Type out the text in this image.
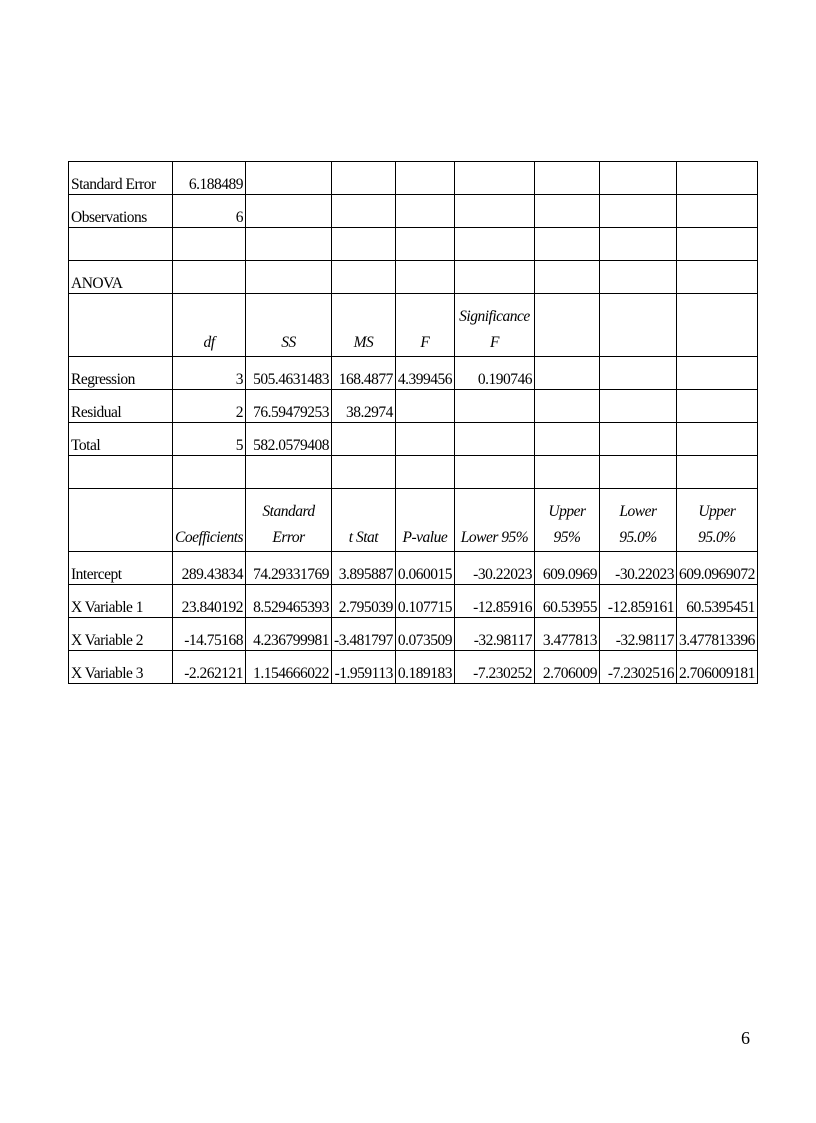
Standard Error	6.188489							
Observations	6							

ANOVA								
	df	SS	MS	F	Significance F			
Regression	3	505.4631483	168.4877	4.399456	0.190746			
Residual	2	76.59479253	38.2974					
Total	5	582.0579408						

	Coefficients	Standard Error	t Stat	P-value	Lower 95%	Upper 95%	Lower 95.0%	Upper 95.0%
Intercept	289.43834	74.29331769	3.895887	0.060015	-30.22023	609.0969	-30.22023	609.0969072
X Variable 1	23.840192	8.529465393	2.795039	0.107715	-12.85916	60.53955	-12.859161	60.5395451
X Variable 2	-14.75168	4.236799981	-3.481797	0.073509	-32.98117	3.477813	-32.98117	3.477813396
X Variable 3	-2.262121	1.154666022	-1.959113	0.189183	-7.230252	2.706009	-7.2302516	2.706009181
6
